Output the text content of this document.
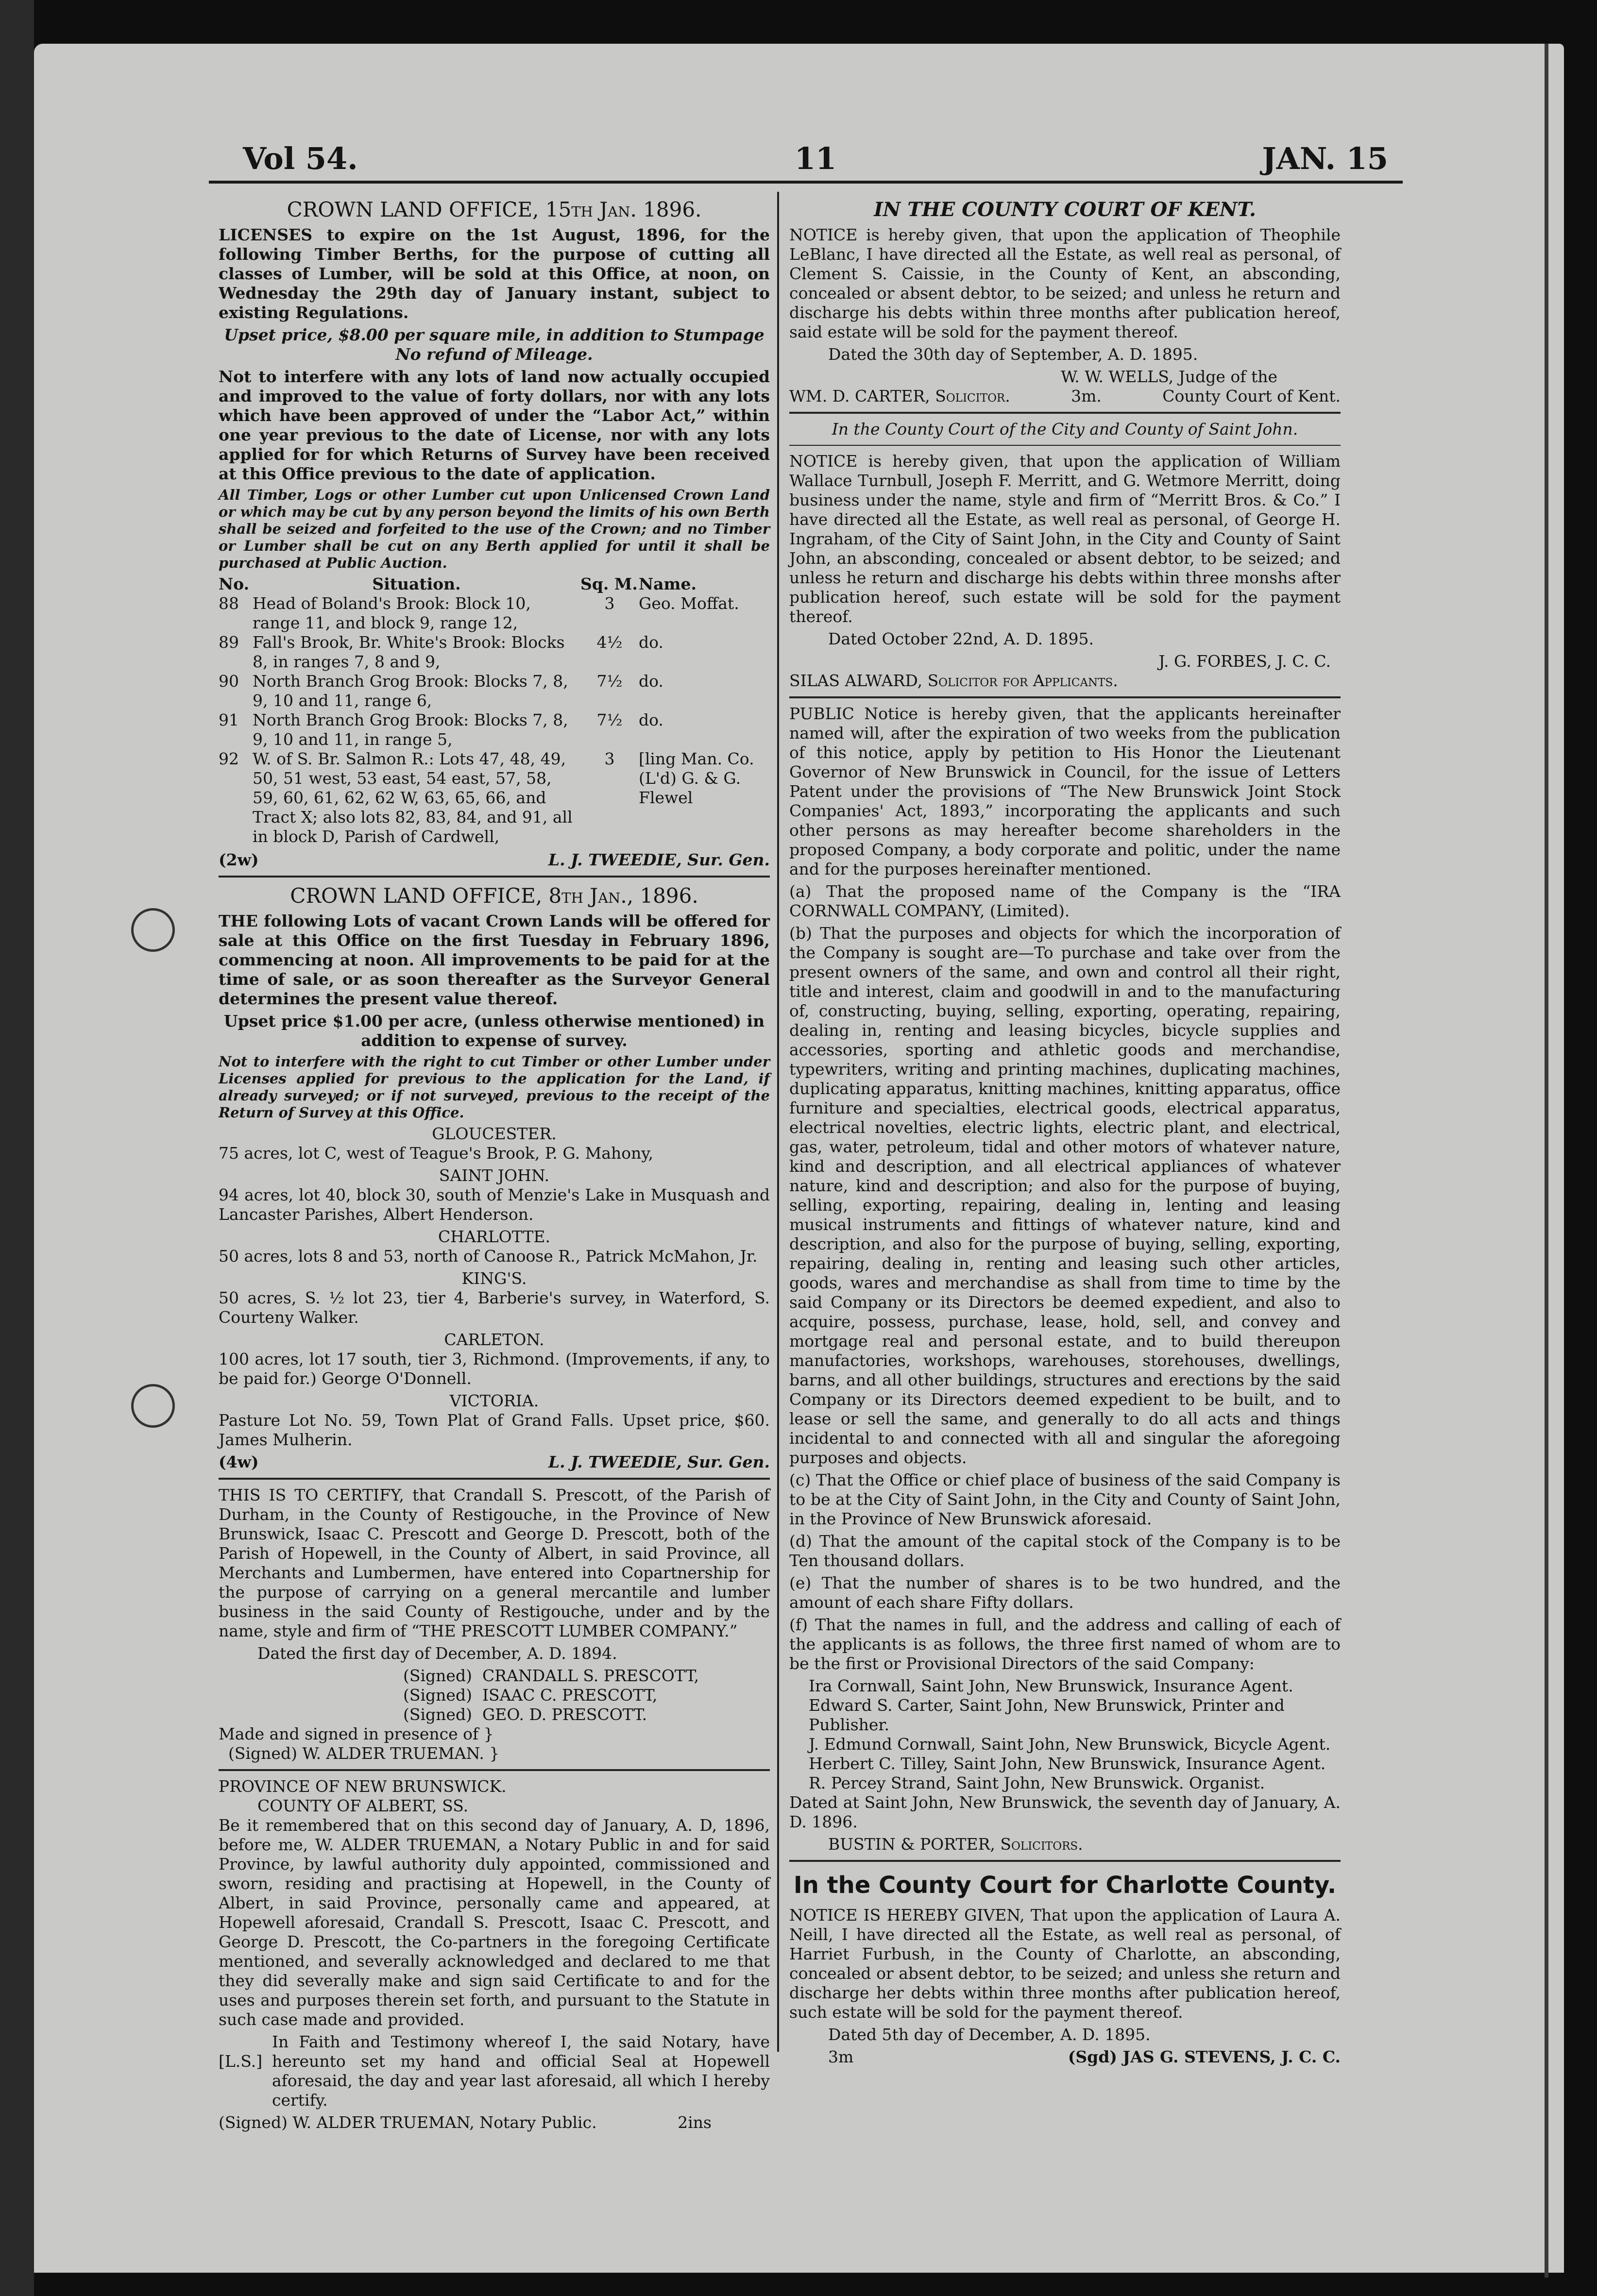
Vol 54.	11	JAN. 15
CROWN LAND OFFICE, 15th Jan. 1896.

LICENSES to expire on the 1st August, 1896, for the following Timber Berths, for the purpose of cutting all classes of Lumber, will be sold at this Office, at noon, on Wednesday the 29th day of January instant, subject to existing Regulations.

Upset price, $8.00 per square mile, in addition to Stumpage No refund of Mileage.

Not to interfere with any lots of land now actually occupied and improved to the value of forty dollars, nor with any lots which have been approved of under the “Labor Act,” within one year previous to the date of License, nor with any lots applied for for which Returns of Survey have been received at this Office previous to the date of application.

All Timber, Logs or other Lumber cut upon Unlicensed Crown Land or which may be cut by any person beyond the limits of his own Berth shall be seized and forfeited to the use of the Crown; and no Timber or Lumber shall be cut on any Berth applied for until it shall be purchased at Public Auction.

No.	Situation.	Sq. M.	Name.
88	Head of Boland's Brook: Block 10, range 11, and block 9, range 12,	3	Geo. Moffat.
89	Fall's Brook, Br. White's Brook: Blocks 8, in ranges 7, 8 and 9,	4½	do.
90	North Branch Grog Brook: Blocks 7, 8, 9, 10 and 11, range 6,	7½	do.
91	North Branch Grog Brook: Blocks 7, 8, 9, 10 and 11, in range 5,	7½	do.
92	W. of S. Br. Salmon R.: Lots 47, 48, 49, 50, 51 west, 53 east, 54 east, 57, 58, 59, 60, 61, 62, 62 W, 63, 65, 66, and Tract X; also lots 82, 83, 84, and 91, all in block D, Parish of Cardwell,	3	[ling Man. Co.(L'd) G. & G. Flewel
(2w)	L. J. TWEEDIE, Sur. Gen.
CROWN LAND OFFICE, 8th Jan., 1896.

THE following Lots of vacant Crown Lands will be offered for sale at this Office on the first Tuesday in February 1896, commencing at noon. All improvements to be paid for at the time of sale, or as soon thereafter as the Surveyor General determines the present value thereof.

Upset price $1.00 per acre, (unless otherwise mentioned) in addition to expense of survey.

Not to interfere with the right to cut Timber or other Lumber under Licenses applied for previous to the application for the Land, if already surveyed; or if not surveyed, previous to the receipt of the Return of Survey at this Office.

GLOUCESTER.

75 acres, lot C, west of Teague's Brook, P. G. Mahony,

SAINT JOHN.

94 acres, lot 40, block 30, south of Menzie's Lake in Musquash and Lancaster Parishes, Albert Henderson.

CHARLOTTE.

50 acres, lots 8 and 53, north of Canoose R., Patrick McMahon, Jr.

KING'S.

50 acres, S. ½ lot 23, tier 4, Barberie's survey, in Waterford, S. Courteny Walker.

CARLETON.

100 acres, lot 17 south, tier 3, Richmond. (Improvements, if any, to be paid for.) George O'Donnell.

VICTORIA.

Pasture Lot No. 59, Town Plat of Grand Falls. Upset price, $60. James Mulherin.

(4w)	L. J. TWEEDIE, Sur. Gen.

THIS IS TO CERTIFY, that Crandall S. Prescott, of the Parish of Durham, in the County of Restigouche, in the Province of New Brunswick, Isaac C. Prescott and George D. Prescott, both of the Parish of Hopewell, in the County of Albert, in said Province, all Merchants and Lumbermen, have entered into Copartnership for the purpose of carrying on a general mercantile and lumber business in the said County of Restigouche, under and by the name, style and firm of “THE PRESCOTT LUMBER COMPANY.”

Dated the first day of December, A. D. 1894.

(Signed) CRANDALL S. PRESCOTT,
(Signed) ISAAC C. PRESCOTT,
(Signed) GEO. D. PRESCOTT.
Made and signed in presence of }
(Signed) W. ALDER TRUEMAN. }
PROVINCE OF NEW BRUNSWICK.
COUNTY OF ALBERT, SS.

Be it remembered that on this second day of January, A. D, 1896, before me, W. ALDER TRUEMAN, a Notary Public in and for said Province, by lawful authority duly appointed, commissioned and sworn, residing and practising at Hopewell, in the County of Albert, in said Province, personally came and appeared, at Hopewell aforesaid, Crandall S. Prescott, Isaac C. Prescott, and George D. Prescott, the Co-partners in the foregoing Certificate mentioned, and severally acknowledged and declared to me that they did severally make and sign said Certificate to and for the uses and purposes therein set forth, and pursuant to the Statute in such case made and provided.

[L.S.]

In Faith and Testimony whereof I, the said Notary, have hereunto set my hand and official Seal at Hopewell aforesaid, the day and year last aforesaid, all which I hereby certify.

(Signed) W. ALDER TRUEMAN, Notary Public.	2ins
IN THE COUNTY COURT OF KENT.

NOTICE is hereby given, that upon the application of Theophile LeBlanc, I have directed all the Estate, as well real as personal, of Clement S. Caissie, in the County of Kent, an absconding, concealed or absent debtor, to be seized; and unless he return and discharge his debts within three months after publication hereof, said estate will be sold for the payment thereof.

Dated the 30th day of September, A. D. 1895.

W. W. WELLS, Judge of the
WM. D. CARTER, Solicitor.	3m.	County Court of Kent.
In the County Court of the City and County of Saint John.

NOTICE is hereby given, that upon the application of William Wallace Turnbull, Joseph F. Merritt, and G. Wetmore Merritt, doing business under the name, style and firm of “Merritt Bros. & Co.” I have directed all the Estate, as well real as personal, of George H. Ingraham, of the City of Saint John, in the City and County of Saint John, an absconding, concealed or absent debtor, to be seized; and unless he return and discharge his debts within three monshs after publication hereof, such estate will be sold for the payment thereof.

Dated October 22nd, A. D. 1895.

J. G. FORBES, J. C. C.
SILAS ALWARD, Solicitor for Applicants.

PUBLIC Notice is hereby given, that the applicants hereinafter named will, after the expiration of two weeks from the publication of this notice, apply by petition to His Honor the Lieutenant Governor of New Brunswick in Council, for the issue of Letters Patent under the provisions of “The New Brunswick Joint Stock Companies' Act, 1893,” incorporating the applicants and such other persons as may hereafter become shareholders in the proposed Company, a body corporate and politic, under the name and for the purposes hereinafter mentioned.

(a) That the proposed name of the Company is the “IRA CORNWALL COMPANY, (Limited).

(b) That the purposes and objects for which the incorporation of the Company is sought are—To purchase and take over from the present owners of the same, and own and control all their right, title and interest, claim and goodwill in and to the manufacturing of, constructing, buying, selling, exporting, operating, repairing, dealing in, renting and leasing bicycles, bicycle supplies and accessories, sporting and athletic goods and merchandise, typewriters, writing and printing machines, duplicating machines, duplicating apparatus, knitting machines, knitting apparatus, office furniture and specialties, electrical goods, electrical apparatus, electrical novelties, electric lights, electric plant, and electrical, gas, water, petroleum, tidal and other motors of whatever nature, kind and description, and all electrical appliances of whatever nature, kind and description; and also for the purpose of buying, selling, exporting, repairing, dealing in, lenting and leasing musical instruments and fittings of whatever nature, kind and description, and also for the purpose of buying, selling, exporting, repairing, dealing in, renting and leasing such other articles, goods, wares and merchandise as shall from time to time by the said Company or its Directors be deemed expedient, and also to acquire, possess, purchase, lease, hold, sell, and convey and mortgage real and personal estate, and to build thereupon manufactories, workshops, warehouses, storehouses, dwellings, barns, and all other buildings, structures and erections by the said Company or its Directors deemed expedient to be built, and to lease or sell the same, and generally to do all acts and things incidental to and connected with all and singular the aforegoing purposes and objects.

(c) That the Office or chief place of business of the said Company is to be at the City of Saint John, in the City and County of Saint John, in the Province of New Brunswick aforesaid.

(d) That the amount of the capital stock of the Company is to be Ten thousand dollars.

(e) That the number of shares is to be two hundred, and the amount of each share Fifty dollars.

(f) That the names in full, and the address and calling of each of the applicants is as follows, the three first named of whom are to be the first or Provisional Directors of the said Company:

Ira Cornwall, Saint John, New Brunswick, Insurance Agent.
Edward S. Carter, Saint John, New Brunswick, Printer and Publisher.
J. Edmund Cornwall, Saint John, New Brunswick, Bicycle Agent.
Herbert C. Tilley, Saint John, New Brunswick, Insurance Agent.
R. Percey Strand, Saint John, New Brunswick. Organist.

Dated at Saint John, New Brunswick, the seventh day of January, A. D. 1896.

BUSTIN & PORTER, Solicitors.
In the County Court for Charlotte County.

NOTICE IS HEREBY GIVEN, That upon the application of Laura A. Neill, I have directed all the Estate, as well real as personal, of Harriet Furbush, in the County of Charlotte, an absconding, concealed or absent debtor, to be seized; and unless she return and discharge her debts within three months after publication hereof, such estate will be sold for the payment thereof.

Dated 5th day of December, A. D. 1895.

3m	(Sgd) JAS G. STEVENS, J. C. C.
